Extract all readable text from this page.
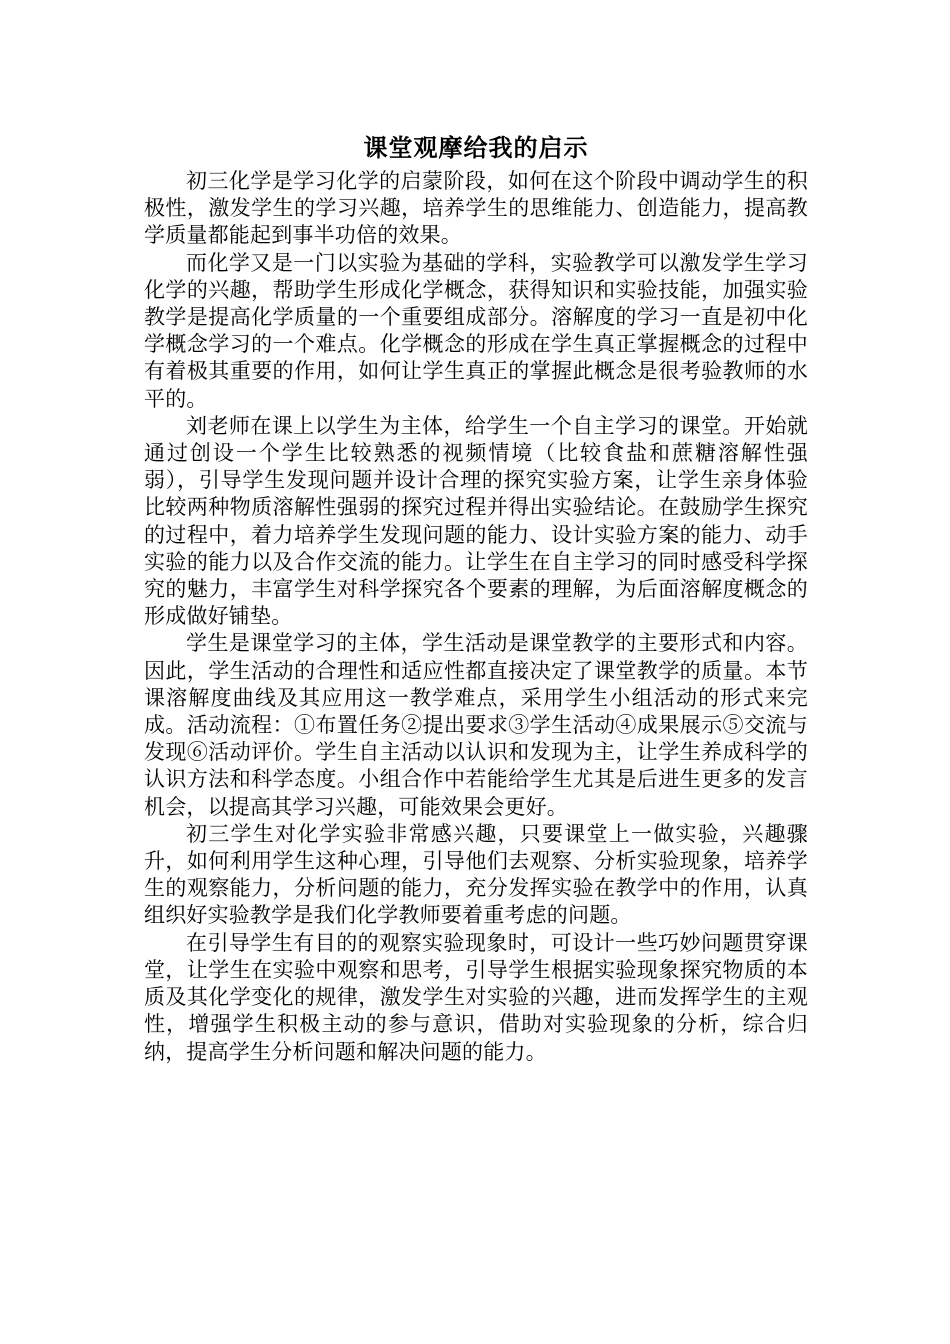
课堂观摩给我的启示

初三化学是学习化学的启蒙阶段，如何在这个阶段中调动学生的积极性，激发学生的学习兴趣，培养学生的思维能力、创造能力，提高教学质量都能起到事半功倍的效果。

而化学又是一门以实验为基础的学科，实验教学可以激发学生学习化学的兴趣，帮助学生形成化学概念，获得知识和实验技能，加强实验教学是提高化学质量的一个重要组成部分。溶解度的学习一直是初中化学概念学习的一个难点。化学概念的形成在学生真正掌握概念的过程中有着极其重要的作用，如何让学生真正的掌握此概念是很考验教师的水平的。

刘老师在课上以学生为主体，给学生一个自主学习的课堂。开始就通过创设一个学生比较熟悉的视频情境（比较食盐和蔗糖溶解性强弱），引导学生发现问题并设计合理的探究实验方案，让学生亲身体验比较两种物质溶解性强弱的探究过程并得出实验结论。在鼓励学生探究的过程中，着力培养学生发现问题的能力、设计实验方案的能力、动手实验的能力以及合作交流的能力。让学生在自主学习的同时感受科学探究的魅力，丰富学生对科学探究各个要素的理解，为后面溶解度概念的形成做好铺垫。

学生是课堂学习的主体，学生活动是课堂教学的主要形式和内容。因此，学生活动的合理性和适应性都直接决定了课堂教学的质量。本节课溶解度曲线及其应用这一教学难点，采用学生小组活动的形式来完成。活动流程：①布置任务②提出要求③学生活动④成果展示⑤交流与发现⑥活动评价。学生自主活动以认识和发现为主，让学生养成科学的认识方法和科学态度。小组合作中若能给学生尤其是后进生更多的发言机会，以提高其学习兴趣，可能效果会更好。

初三学生对化学实验非常感兴趣，只要课堂上一做实验，兴趣骤升，如何利用学生这种心理，引导他们去观察、分析实验现象，培养学生的观察能力，分析问题的能力，充分发挥实验在教学中的作用，认真组织好实验教学是我们化学教师要着重考虑的问题。

在引导学生有目的的观察实验现象时，可设计一些巧妙问题贯穿课堂，让学生在实验中观察和思考，引导学生根据实验现象探究物质的本质及其化学变化的规律，激发学生对实验的兴趣，进而发挥学生的主观性，增强学生积极主动的参与意识，借助对实验现象的分析，综合归纳，提高学生分析问题和解决问题的能力。
